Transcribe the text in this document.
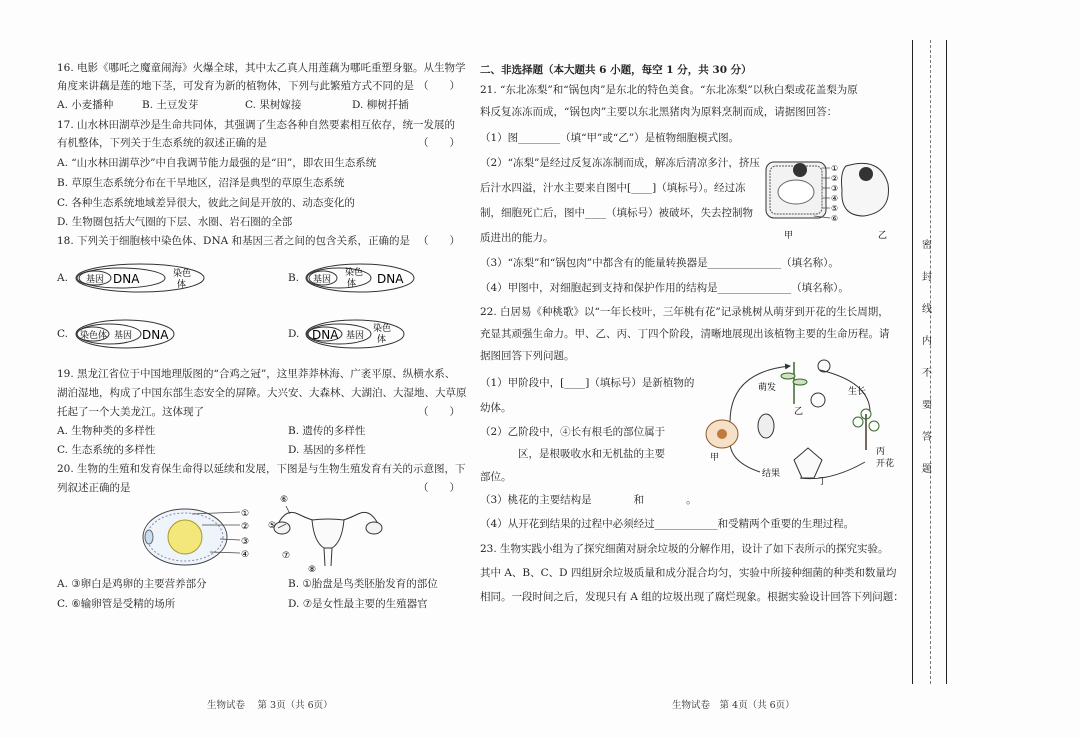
16. 电影《哪吒之魔童闹海》火爆全球，其中太乙真人用莲藕为哪吒重塑身躯。从生物学
角度来讲藕是莲的地下茎，可发育为新的植物体，下列与此繁殖方式不同的是 （　　）
A. 小麦播种	B. 土豆发芽	C. 果树嫁接	D. 柳树扦插
17. 山水林田湖草沙是生命共同体，其强调了生态各种自然要素相互依存，统一发展的
有机整体，下列关于生态系统的叙述正确的是	（　　）
A. “山水林田湖草沙”中自我调节能力最强的是“田”，即农田生态系统
B. 草原生态系统分布在干旱地区，沼泽是典型的草原生态系统
C. 各种生态系统地域差异很大，彼此之间是开放的、动态变化的
D. 生物圈包括大气圈的下层、水圈、岩石圈的全部
18. 下列关于细胞核中染色体、DNA 和基因三者之间的包含关系，正确的是 （　　）
A. 基因 DNA	染色
体
B. 基因
染色
体 DNA
C. 染色体 基因 DNA	D. DNA 基因
染色
体
19. 黑龙江省位于中国地理版图的“合鸡之冠”，这里莽莽林海、广袤平原、纵横水系、
湖泊湿地，构成了中国东部生态安全的屏障。大兴安、大森林、大湖泊、大湿地、大草原
托起了一个大美龙江。这体现了	（　　）
A. 生物种类的多样性	B. 遗传的多样性
C. 生态系统的多样性	D. 基因的多样性
20. 生物的生殖和发育保生命得以延续和发展，下图是与生物生殖发育有关的示意图，下
列叙述正确的是	（　　）
①
②
③
④
⑥
⑤
⑦
⑧
A. ③卵白是鸡卵的主要营养部分	B. ①胎盘是鸟类胚胎发育的部位
C. ⑥输卵管是受精的场所	D. ⑦是女性最主要的生殖器官
生物试卷　 第 3页（共 6页）
二、非选择题（本大题共 6 小题，每空 1 分，共 30 分）
21. “东北冻梨”和“锅包肉”是东北的特色美食。“东北冻梨”以秋白梨或花盖梨为原
料反复冻冻而成，“锅包肉”主要以东北黑猪肉为原料烹制而成，请据图回答：
（1）图________（填“甲”或“乙”）是植物细胞模式图。
（2）“冻梨”是经过反复冻冻制而成，解冻后清凉多汁，挤压
后汁水四溢，汁水主要来自图中[____]（填标号）。经过冻
制，细胞死亡后，图中____（填标号）被破坏，失去控制物
质进出的能力。
①
②
③
④
⑤
⑥
甲	乙
（3）“冻梨”和“锅包肉”中都含有的能量转换器是______________（填名称）。
（4）甲图中，对细胞起到支持和保护作用的结构是______________（填名称）。
22. 白居易《种桃歌》以“一年长枝叶，三年桃有花”记录桃树从萌芽到开花的生长周期，
充显其顽强生命力。甲、乙、丙、丁四个阶段，清晰地展现出该植物主要的生命历程。请
据图回答下列问题。
（1）甲阶段中，[____]（填标号）是新植物的
幼体。
（2）乙阶段中，④长有根毛的部位属于
区，是根吸收水和无机盐的主要
部位。
萌发	生长
丙
开花
结果
甲
乙
丁
（3）桃花的主要结构是　　　　和　　　　。
（4）从开花到结果的过程中必须经过____________和受精两个重要的生理过程。
23. 生物实践小组为了探究细菌对厨余垃圾的分解作用，设计了如下表所示的探究实验。
其中 A、B、C、D 四组厨余垃圾质量和成分混合均匀，实验中所接种细菌的种类和数量均
相同。一段时间之后，发现只有 A 组的垃圾出现了腐烂现象。根据实验设计回答下列问题：
生物试卷　第 4页（共 6页）
密
封
线
内
不
要
答
题
